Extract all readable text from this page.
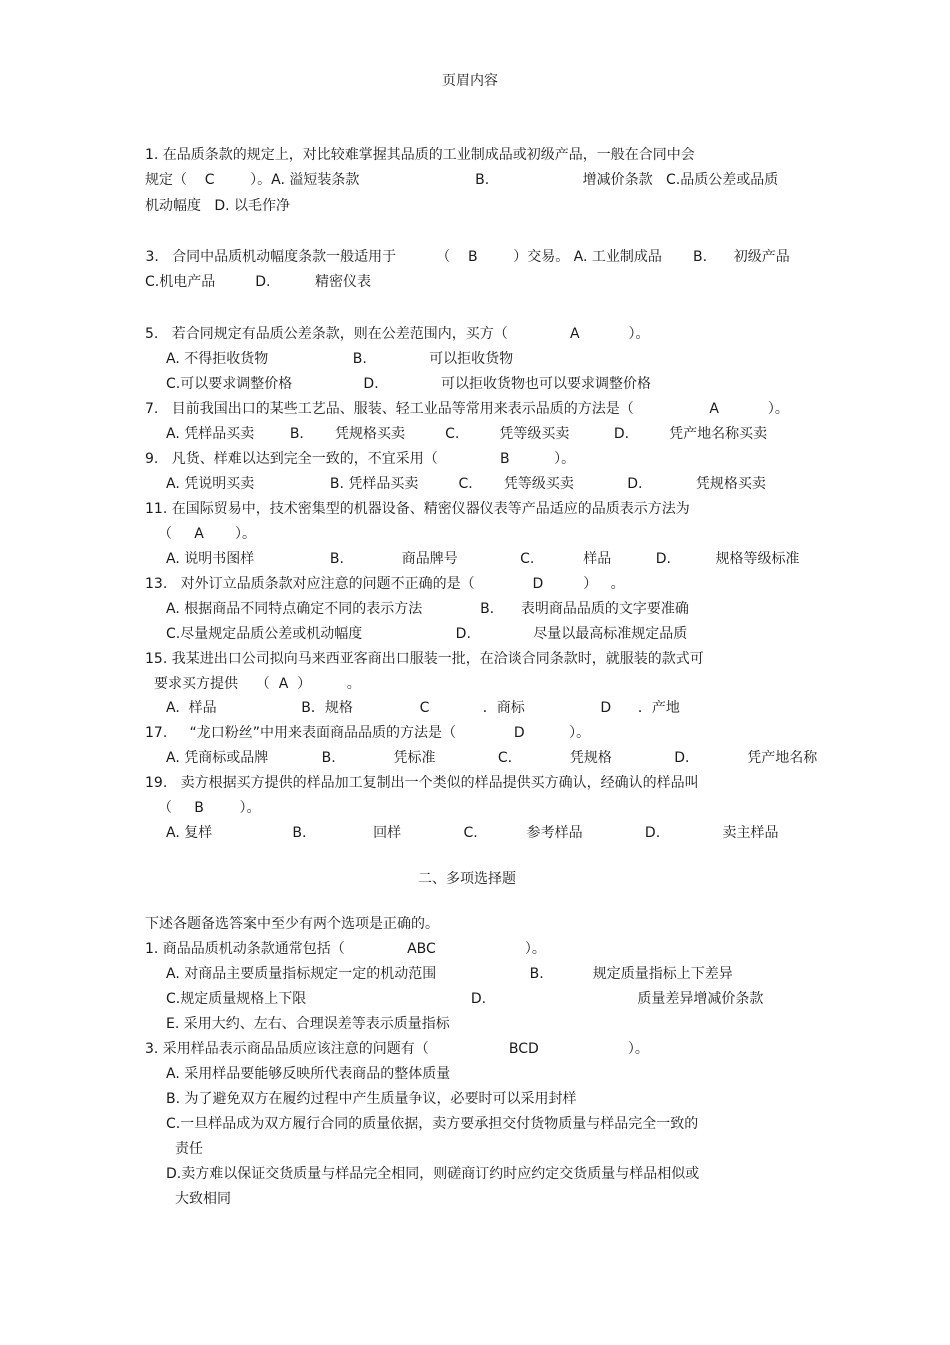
页眉内容
1. 在品质条款的规定上，对比较难掌握其品质的工业制成品或初级产品，一般在合同中会
规定（    C        ）。A. 溢短装条款                          B.                     增减价条款   C.品质公差或品质
机动幅度   D. 以毛作净
3.   合同中品质机动幅度条款一般适用于         （    B        ）交易。 A. 工业制成品       B.      初级产品
C.机电产品         D.          精密仪表
5.   若合同规定有品质公差条款，则在公差范围内，买方（              A           ）。
A. 不得拒收货物                   B.              可以拒收货物
C.可以要求调整价格                D.              可以拒收货物也可以要求调整价格
7.   目前我国出口的某些工艺品、服装、轻工业品等常用来表示品质的方法是（                 A           ）。
A. 凭样品买卖        B.       凭规格买卖         C.         凭等级买卖          D.         凭产地名称买卖
9.   凡货、样难以达到完全一致的，不宜采用（              B          ）。
A. 凭说明买卖                 B. 凭样品买卖         C.       凭等级买卖            D.            凭规格买卖
11. 在国际贸易中，技术密集型的机器设备、精密仪器仪表等产品适应的品质表示方法为
（     A       ）。
A. 说明书图样                 B.             商品牌号              C.           样品          D.          规格等级标准
13.   对外订立品质条款对应注意的问题不正确的是（             D         ）   。
A. 根据商品不同特点确定不同的表示方法             B.      表明商品品质的文字要准确
C.尽量规定品质公差或机动幅度                     D.              尽量以最高标准规定品质
15. 我某进出口公司拟向马来西亚客商出口服装一批，在洽谈合同条款时，就服装的款式可
要求买方提供    （  A  ）        。
A.  样品                   B．规格               C            ．商标                 D      ．产地
17.     “龙口粉丝”中用来表面商品品质的方法是（             D          ）。
A. 凭商标或品牌            B.             凭标准              C.             凭规格              D.             凭产地名称
19.   卖方根据买方提供的样品加工复制出一个类似的样品提供买方确认，经确认的样品叫
（     B        ）。
A. 复样                  B.               回样              C.           参考样品              D.              卖主样品
二、多项选择题
下述各题备选答案中至少有两个选项是正确的。
1. 商品品质机动条款通常包括（              ABC                    ）。
A. 对商品主要质量指标规定一定的机动范围                     B.           规定质量指标上下差异
C.规定质量规格上下限                                     D.                                  质量差异增减价条款
E. 采用大约、左右、合理误差等表示质量指标
3. 采用样品表示商品品质应该注意的问题有（                  BCD                    ）。
A. 采用样品要能够反映所代表商品的整体质量
B. 为了避免双方在履约过程中产生质量争议，必要时可以采用封样
C.一旦样品成为双方履行合同的质量依据，卖方要承担交付货物质量与样品完全一致的
责任
D.卖方难以保证交货质量与样品完全相同，则磋商订约时应约定交货质量与样品相似或
大致相同
